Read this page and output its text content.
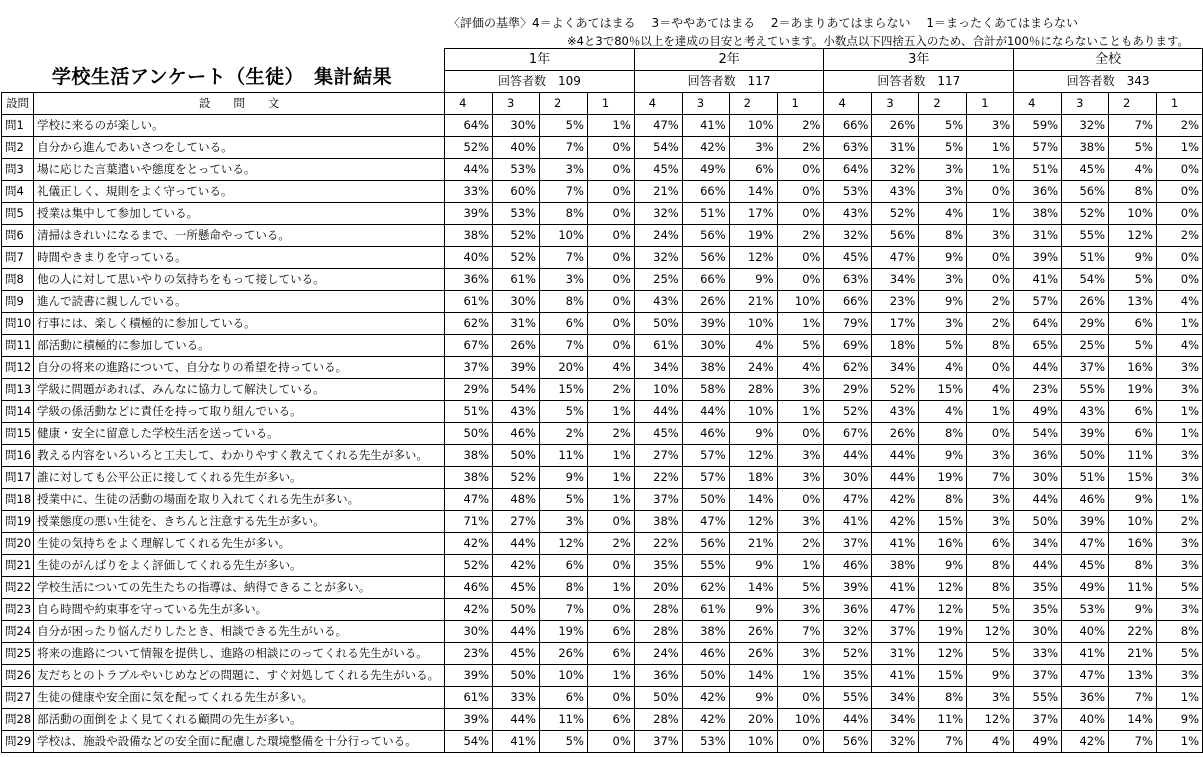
〈評価の基準〉4＝よくあてはまる　 3＝ややあてはまる　 2＝あまりあてはまらない　 1＝まったくあてはまらない
※4と3で80％以上を達成の目安と考えています。小数点以下四捨五入のため、合計が100％にならないこともあります。
学校生活アンケート（生徒）　集計結果
		1年				2年				3年				全校			
		回答者数　109				回答者数　117				回答者数　117				回答者数　343			
設問	設　　問　　文	4	3	2	1	4	3	2	1	4	3	2	1	4	3	2	1
問1	学校に来るのが楽しい。	64%	30%	5%	1%	47%	41%	10%	2%	66%	26%	5%	3%	59%	32%	7%	2%
問2	自分から進んであいさつをしている。	52%	40%	7%	0%	54%	42%	3%	2%	63%	31%	5%	1%	57%	38%	5%	1%
問3	場に応じた言葉遣いや態度をとっている。	44%	53%	3%	0%	45%	49%	6%	0%	64%	32%	3%	1%	51%	45%	4%	0%
問4	礼儀正しく、規則をよく守っている。	33%	60%	7%	0%	21%	66%	14%	0%	53%	43%	3%	0%	36%	56%	8%	0%
問5	授業は集中して参加している。	39%	53%	8%	0%	32%	51%	17%	0%	43%	52%	4%	1%	38%	52%	10%	0%
問6	清掃はきれいになるまで、一所懸命やっている。	38%	52%	10%	0%	24%	56%	19%	2%	32%	56%	8%	3%	31%	55%	12%	2%
問7	時間やきまりを守っている。	40%	52%	7%	0%	32%	56%	12%	0%	45%	47%	9%	0%	39%	51%	9%	0%
問8	他の人に対して思いやりの気持ちをもって接している。	36%	61%	3%	0%	25%	66%	9%	0%	63%	34%	3%	0%	41%	54%	5%	0%
問9	進んで読書に親しんでいる。	61%	30%	8%	0%	43%	26%	21%	10%	66%	23%	9%	2%	57%	26%	13%	4%
問10	行事には、楽しく積極的に参加している。	62%	31%	6%	0%	50%	39%	10%	1%	79%	17%	3%	2%	64%	29%	6%	1%
問11	部活動に積極的に参加している。	67%	26%	7%	0%	61%	30%	4%	5%	69%	18%	5%	8%	65%	25%	5%	4%
問12	自分の将来の進路について、自分なりの希望を持っている。	37%	39%	20%	4%	34%	38%	24%	4%	62%	34%	4%	0%	44%	37%	16%	3%
問13	学級に問題があれば、みんなに協力して解決している。	29%	54%	15%	2%	10%	58%	28%	3%	29%	52%	15%	4%	23%	55%	19%	3%
問14	学級の係活動などに責任を持って取り組んでいる。	51%	43%	5%	1%	44%	44%	10%	1%	52%	43%	4%	1%	49%	43%	6%	1%
問15	健康・安全に留意した学校生活を送っている。	50%	46%	2%	2%	45%	46%	9%	0%	67%	26%	8%	0%	54%	39%	6%	1%
問16	教える内容をいろいろと工夫して、わかりやすく教えてくれる先生が多い。	38%	50%	11%	1%	27%	57%	12%	3%	44%	44%	9%	3%	36%	50%	11%	3%
問17	誰に対しても公平公正に接してくれる先生が多い。	38%	52%	9%	1%	22%	57%	18%	3%	30%	44%	19%	7%	30%	51%	15%	3%
問18	授業中に、生徒の活動の場面を取り入れてくれる先生が多い。	47%	48%	5%	1%	37%	50%	14%	0%	47%	42%	8%	3%	44%	46%	9%	1%
問19	授業態度の悪い生徒を、きちんと注意する先生が多い。	71%	27%	3%	0%	38%	47%	12%	3%	41%	42%	15%	3%	50%	39%	10%	2%
問20	生徒の気持ちをよく理解してくれる先生が多い。	42%	44%	12%	2%	22%	56%	21%	2%	37%	41%	16%	6%	34%	47%	16%	3%
問21	生徒のがんばりをよく評価してくれる先生が多い。	52%	42%	6%	0%	35%	55%	9%	1%	46%	38%	9%	8%	44%	45%	8%	3%
問22	学校生活についての先生たちの指導は、納得できることが多い。	46%	45%	8%	1%	20%	62%	14%	5%	39%	41%	12%	8%	35%	49%	11%	5%
問23	自ら時間や約束事を守っている先生が多い。	42%	50%	7%	0%	28%	61%	9%	3%	36%	47%	12%	5%	35%	53%	9%	3%
問24	自分が困ったり悩んだりしたとき、相談できる先生がいる。	30%	44%	19%	6%	28%	38%	26%	7%	32%	37%	19%	12%	30%	40%	22%	8%
問25	将来の進路について情報を提供し、進路の相談にのってくれる先生がいる。	23%	45%	26%	6%	24%	46%	26%	3%	52%	31%	12%	5%	33%	41%	21%	5%
問26	友だちとのトラブルやいじめなどの問題に、すぐ対処してくれる先生がいる。	39%	50%	10%	1%	36%	50%	14%	1%	35%	41%	15%	9%	37%	47%	13%	3%
問27	生徒の健康や安全面に気を配ってくれる先生が多い。	61%	33%	6%	0%	50%	42%	9%	0%	55%	34%	8%	3%	55%	36%	7%	1%
問28	部活動の面倒をよく見てくれる顧問の先生が多い。	39%	44%	11%	6%	28%	42%	20%	10%	44%	34%	11%	12%	37%	40%	14%	9%
問29	学校は、施設や設備などの安全面に配慮した環境整備を十分行っている。	54%	41%	5%	0%	37%	53%	10%	0%	56%	32%	7%	4%	49%	42%	7%	1%
